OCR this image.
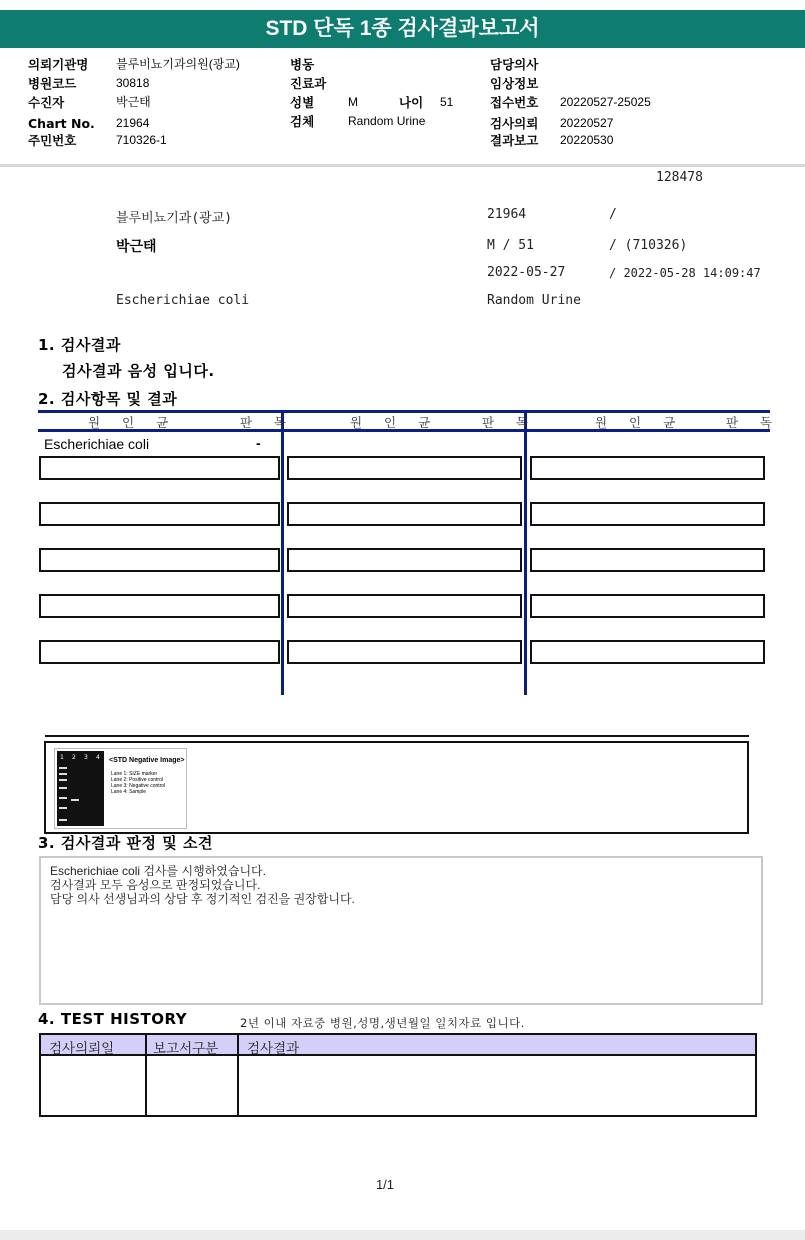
STD 단독 1종 검사결과보고서
의뢰기관명 블루비뇨기과의원(광교)
병원코드	30818
수진자	박근태
Chart No. 21964
주민번호	710326-1
병동
진료과
성별	M	나이 51
검체	Random Urine
담당의사
임상정보
접수번호 20220527-25025
검사의뢰 20220527
결과보고 20220530
128478
블루비뇨기과(광교)	21964	/
박근태	M / 51	/ (710326)
2022-05-27	/ 2022-05-28 14:09:47
Escherichiae coli	Random Urine
1. 검사결과
검사결과 음성 입니다.
2. 검사항목 및 결과
원 인 균	판 독	원 인 균	판 독	원 인 균	판 독
Escherichiae coli	-
1 2 3 4 <STD Negative Image>
Lane 1: SIZE marker
Lane 2: Positive control
Lane 3: Negative control
Lane 4: Sample
3. 검사결과 판정 및 소견
Escherichiae coli 검사를 시행하였습니다.
검사결과 모두 음성으로 판정되었습니다.
담당 의사 선생님과의 상담 후 정기적인 검진을 권장합니다.
4. TEST HISTORY	2년 이내 자료중 병원,성명,생년월일 일치자료 입니다.
검사의뢰일	보고서구분 검사결과
1/1
